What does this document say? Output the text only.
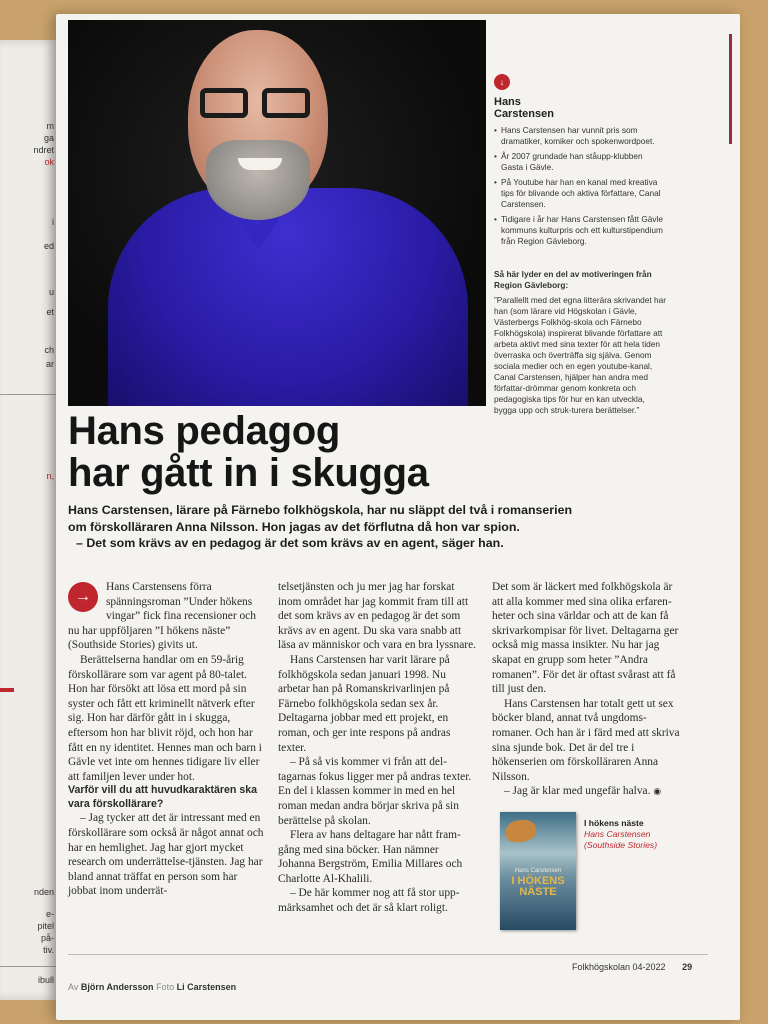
m
ga
ndret
ok
i
ed
u
et
ch
ar
n,
nden
e-
pitel
på-
tiv.
ibull
↓
Hans Carstensen
• Hans Carstensen har vunnit pris som dramatiker, komiker och spokenwordpoet.
• År 2007 grundade han ståupp-klubben Gasta i Gävle.
• På Youtube har han en kanal med kreativa tips för blivande och aktiva författare, Canal Carstensen.
• Tidigare i år har Hans Carstensen fått Gävle kommuns kulturpris och ett kulturstipendium från Region Gävleborg.
Så här lyder en del av motiveringen från Region Gävleborg:
”Parallellt med det egna litterära skrivandet har han (som lärare vid Högskolan i Gävle, Västerbergs Folkhög-skola och Färnebo Folkhögskola) inspirerat blivande författare att arbeta aktivt med sina texter för att hela tiden överraska och överträffa sig själva. Genom sociala medier och en egen youtube-kanal, Canal Carstensen, hjälper han andra med författar-drömmar genom konkreta och pedagogiska tips för hur en kan utveckla, bygga upp och struk-turera berättelser.”
Hans pedagog
har gått in i skugga
Hans Carstensen, lärare på Färnebo folkhögskola, har nu släppt del två i romanserien
om förskolläraren Anna Nilsson. Hon jagas av det förflutna då hon var spion.
– Det som krävs av en pedagog är det som krävs av en agent, säger han.
→

Hans Carstensens förra spänningsroman ”Under hökens vingar” fick fina recensioner och nu har uppföljaren ”I hökens näste” (Southside Stories) givits ut.

Berättelserna handlar om en 59-årig förskollärare som var agent på 80-talet. Hon har försökt att lösa ett mord på sin syster och fått ett kriminellt nätverk efter sig. Hon har därför gått in i skugga, eftersom hon har blivit röjd, och hon har fått en ny identitet. Hennes man och barn i Gävle vet inte om hennes tidigare liv eller att familjen lever under hot.

Varför vill du att huvudkaraktären ska vara förskollärare?

– Jag tycker att det är intressant med en förskollärare som också är något annat och har en hemlighet. Jag har gjort mycket research om underrättelse-tjänsten. Jag har bland annat träffat en person som har jobbat inom underrät-

telsetjänsten och ju mer jag har forskat inom området har jag kommit fram till att det som krävs av en pedagog är det som krävs av en agent. Du ska vara snabb att läsa av människor och vara en bra lyssnare.

Hans Carstensen har varit lärare på folkhögskola sedan januari 1998. Nu arbetar han på Romanskrivarlinjen på Färnebo folkhögskola sedan sex år. Deltagarna jobbar med ett projekt, en roman, och ger inte respons på andras texter.

– På så vis kommer vi från att del-tagarnas fokus ligger mer på andras texter. En del i klassen kommer in med en hel roman medan andra börjar skriva på sin berättelse på skolan.

Flera av hans deltagare har nått fram-gång med sina böcker. Han nämner Johanna Bergström, Emilia Millares och Charlotte Al-Khalili.

– De här kommer nog att få stor upp-märksamhet och det är så klart roligt.

Det som är läckert med folkhögskola är att alla kommer med sina olika erfaren-heter och sina världar och att de kan få skrivarkompisar för livet. Deltagarna ger också mig massa insikter. Nu har jag skapat en grupp som heter ”Andra romanen”. För det är oftast svårast att få till just den.

Hans Carstensen har totalt gett ut sex böcker bland, annat två ungdoms-romaner. Och han är i färd med att skriva sina sjunde bok. Det är del tre i hökenserien om förskolläraren Anna Nilsson.

– Jag är klar med ungefär halva. ◉

Hans Carstensen
I HÖKENS NÄSTE
I hökens näste
Hans Carstensen
(Southside Stories)
Av Björn Andersson Foto Li Carstensen
Folkhögskolan 04-2022 29
